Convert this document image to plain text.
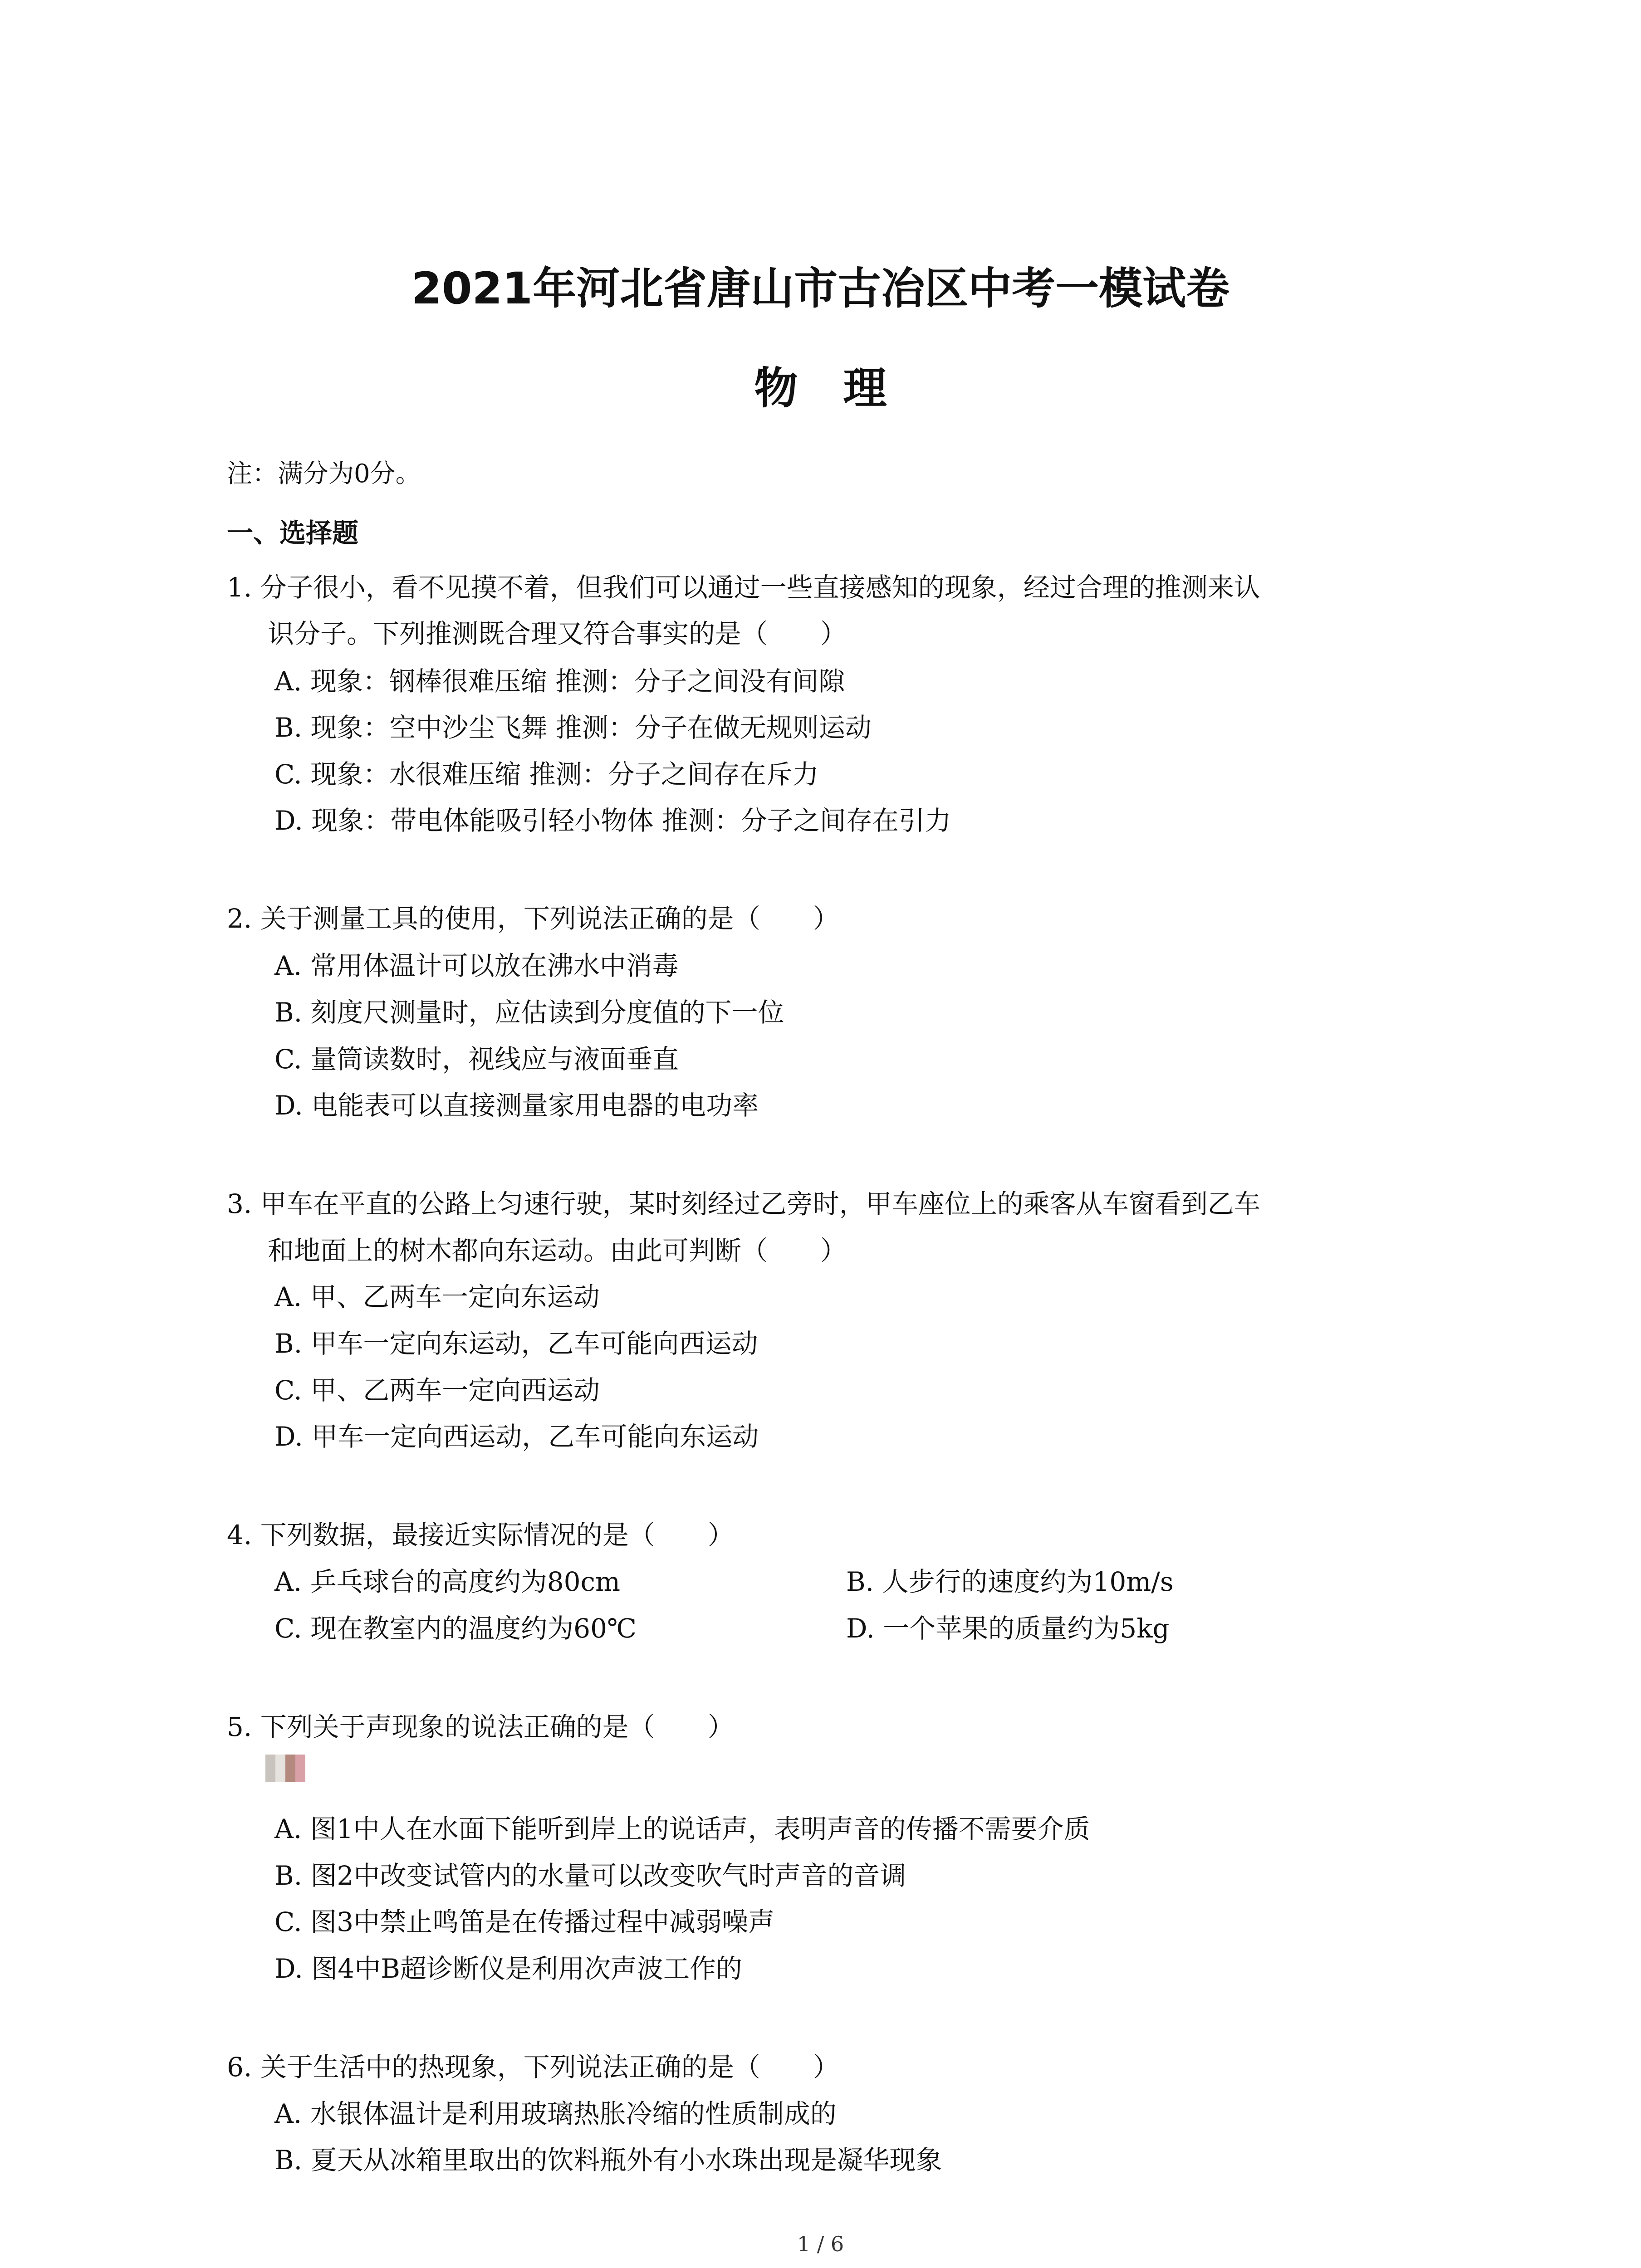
2021年河北省唐山市古冶区中考一模试卷
物理
注：满分为0分。
一、选择题
1. 分子很小，看不见摸不着，但我们可以通过一些直接感知的现象，经过合理的推测来认
识分子。下列推测既合理又符合事实的是（　　）
A. 现象：钢棒很难压缩 推测：分子之间没有间隙
B. 现象：空中沙尘飞舞 推测：分子在做无规则运动
C. 现象：水很难压缩 推测：分子之间存在斥力
D. 现象：带电体能吸引轻小物体 推测：分子之间存在引力
2. 关于测量工具的使用，下列说法正确的是（　　）
A. 常用体温计可以放在沸水中消毒
B. 刻度尺测量时，应估读到分度值的下一位
C. 量筒读数时，视线应与液面垂直
D. 电能表可以直接测量家用电器的电功率
3. 甲车在平直的公路上匀速行驶，某时刻经过乙旁时，甲车座位上的乘客从车窗看到乙车
和地面上的树木都向东运动。由此可判断（　　）
A. 甲、乙两车一定向东运动
B. 甲车一定向东运动，乙车可能向西运动
C. 甲、乙两车一定向西运动
D. 甲车一定向西运动，乙车可能向东运动
4. 下列数据，最接近实际情况的是（　　）
A. 乒乓球台的高度约为80cm	B. 人步行的速度约为10m/s
C. 现在教室内的温度约为60℃	D. 一个苹果的质量约为5kg
5. 下列关于声现象的说法正确的是（　　）
A. 图1中人在水面下能听到岸上的说话声，表明声音的传播不需要介质
B. 图2中改变试管内的水量可以改变吹气时声音的音调
C. 图3中禁止鸣笛是在传播过程中减弱噪声
D. 图4中B超诊断仪是利用次声波工作的
6. 关于生活中的热现象，下列说法正确的是（　　）
A. 水银体温计是利用玻璃热胀冷缩的性质制成的
B. 夏天从冰箱里取出的饮料瓶外有小水珠出现是凝华现象
1 / 6
